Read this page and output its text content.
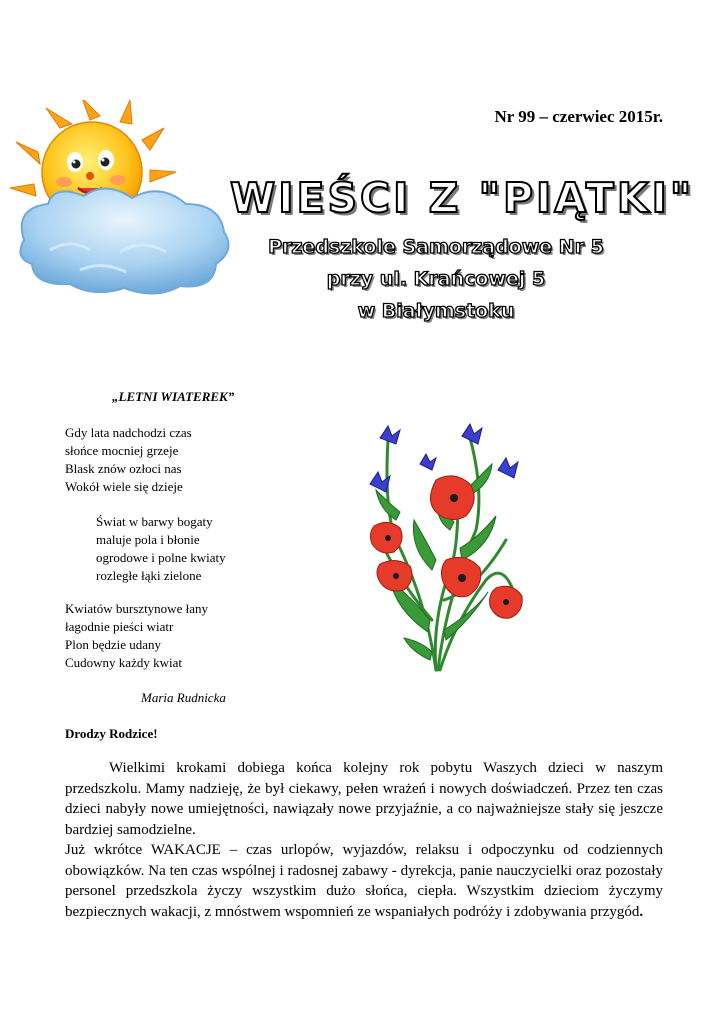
Nr 99 – czerwiec 2015r.
WIEŚCI Z "PIĄTKI"
Przedszkole Samorządowe Nr 5
przy ul. Krańcowej 5
w Białymstoku
„LETNI WIATEREK”
Gdy lata nadchodzi czas
słońce mocniej grzeje
Blask znów ozłoci nas
Wokół wiele się dzieje
Świat w barwy bogaty
maluje pola i błonie
ogrodowe i polne kwiaty
rozległe łąki zielone
Kwiatów bursztynowe łany
łagodnie pieści wiatr
Plon będzie udany
Cudowny każdy kwiat
Maria Rudnicka
Drodzy Rodzice!

Wielkimi krokami dobiega końca kolejny rok pobytu Waszych dzieci w naszym przedszkolu. Mamy nadzieję, że był ciekawy, pełen wrażeń i nowych doświadczeń. Przez ten czas dzieci nabyły nowe umiejętności, nawiązały nowe przyjaźnie, a co najważniejsze stały się jeszcze bardziej samodzielne.

Już wkrótce WAKACJE – czas urlopów, wyjazdów, relaksu i odpoczynku od codziennych obowiązków. Na ten czas wspólnej i radosnej zabawy - dyrekcja, panie nauczycielki oraz pozostały personel przedszkola życzy wszystkim dużo słońca, ciepła. Wszystkim dzieciom życzymy bezpiecznych wakacji, z mnóstwem wspomnień ze wspaniałych podróży i zdobywania przygód.
